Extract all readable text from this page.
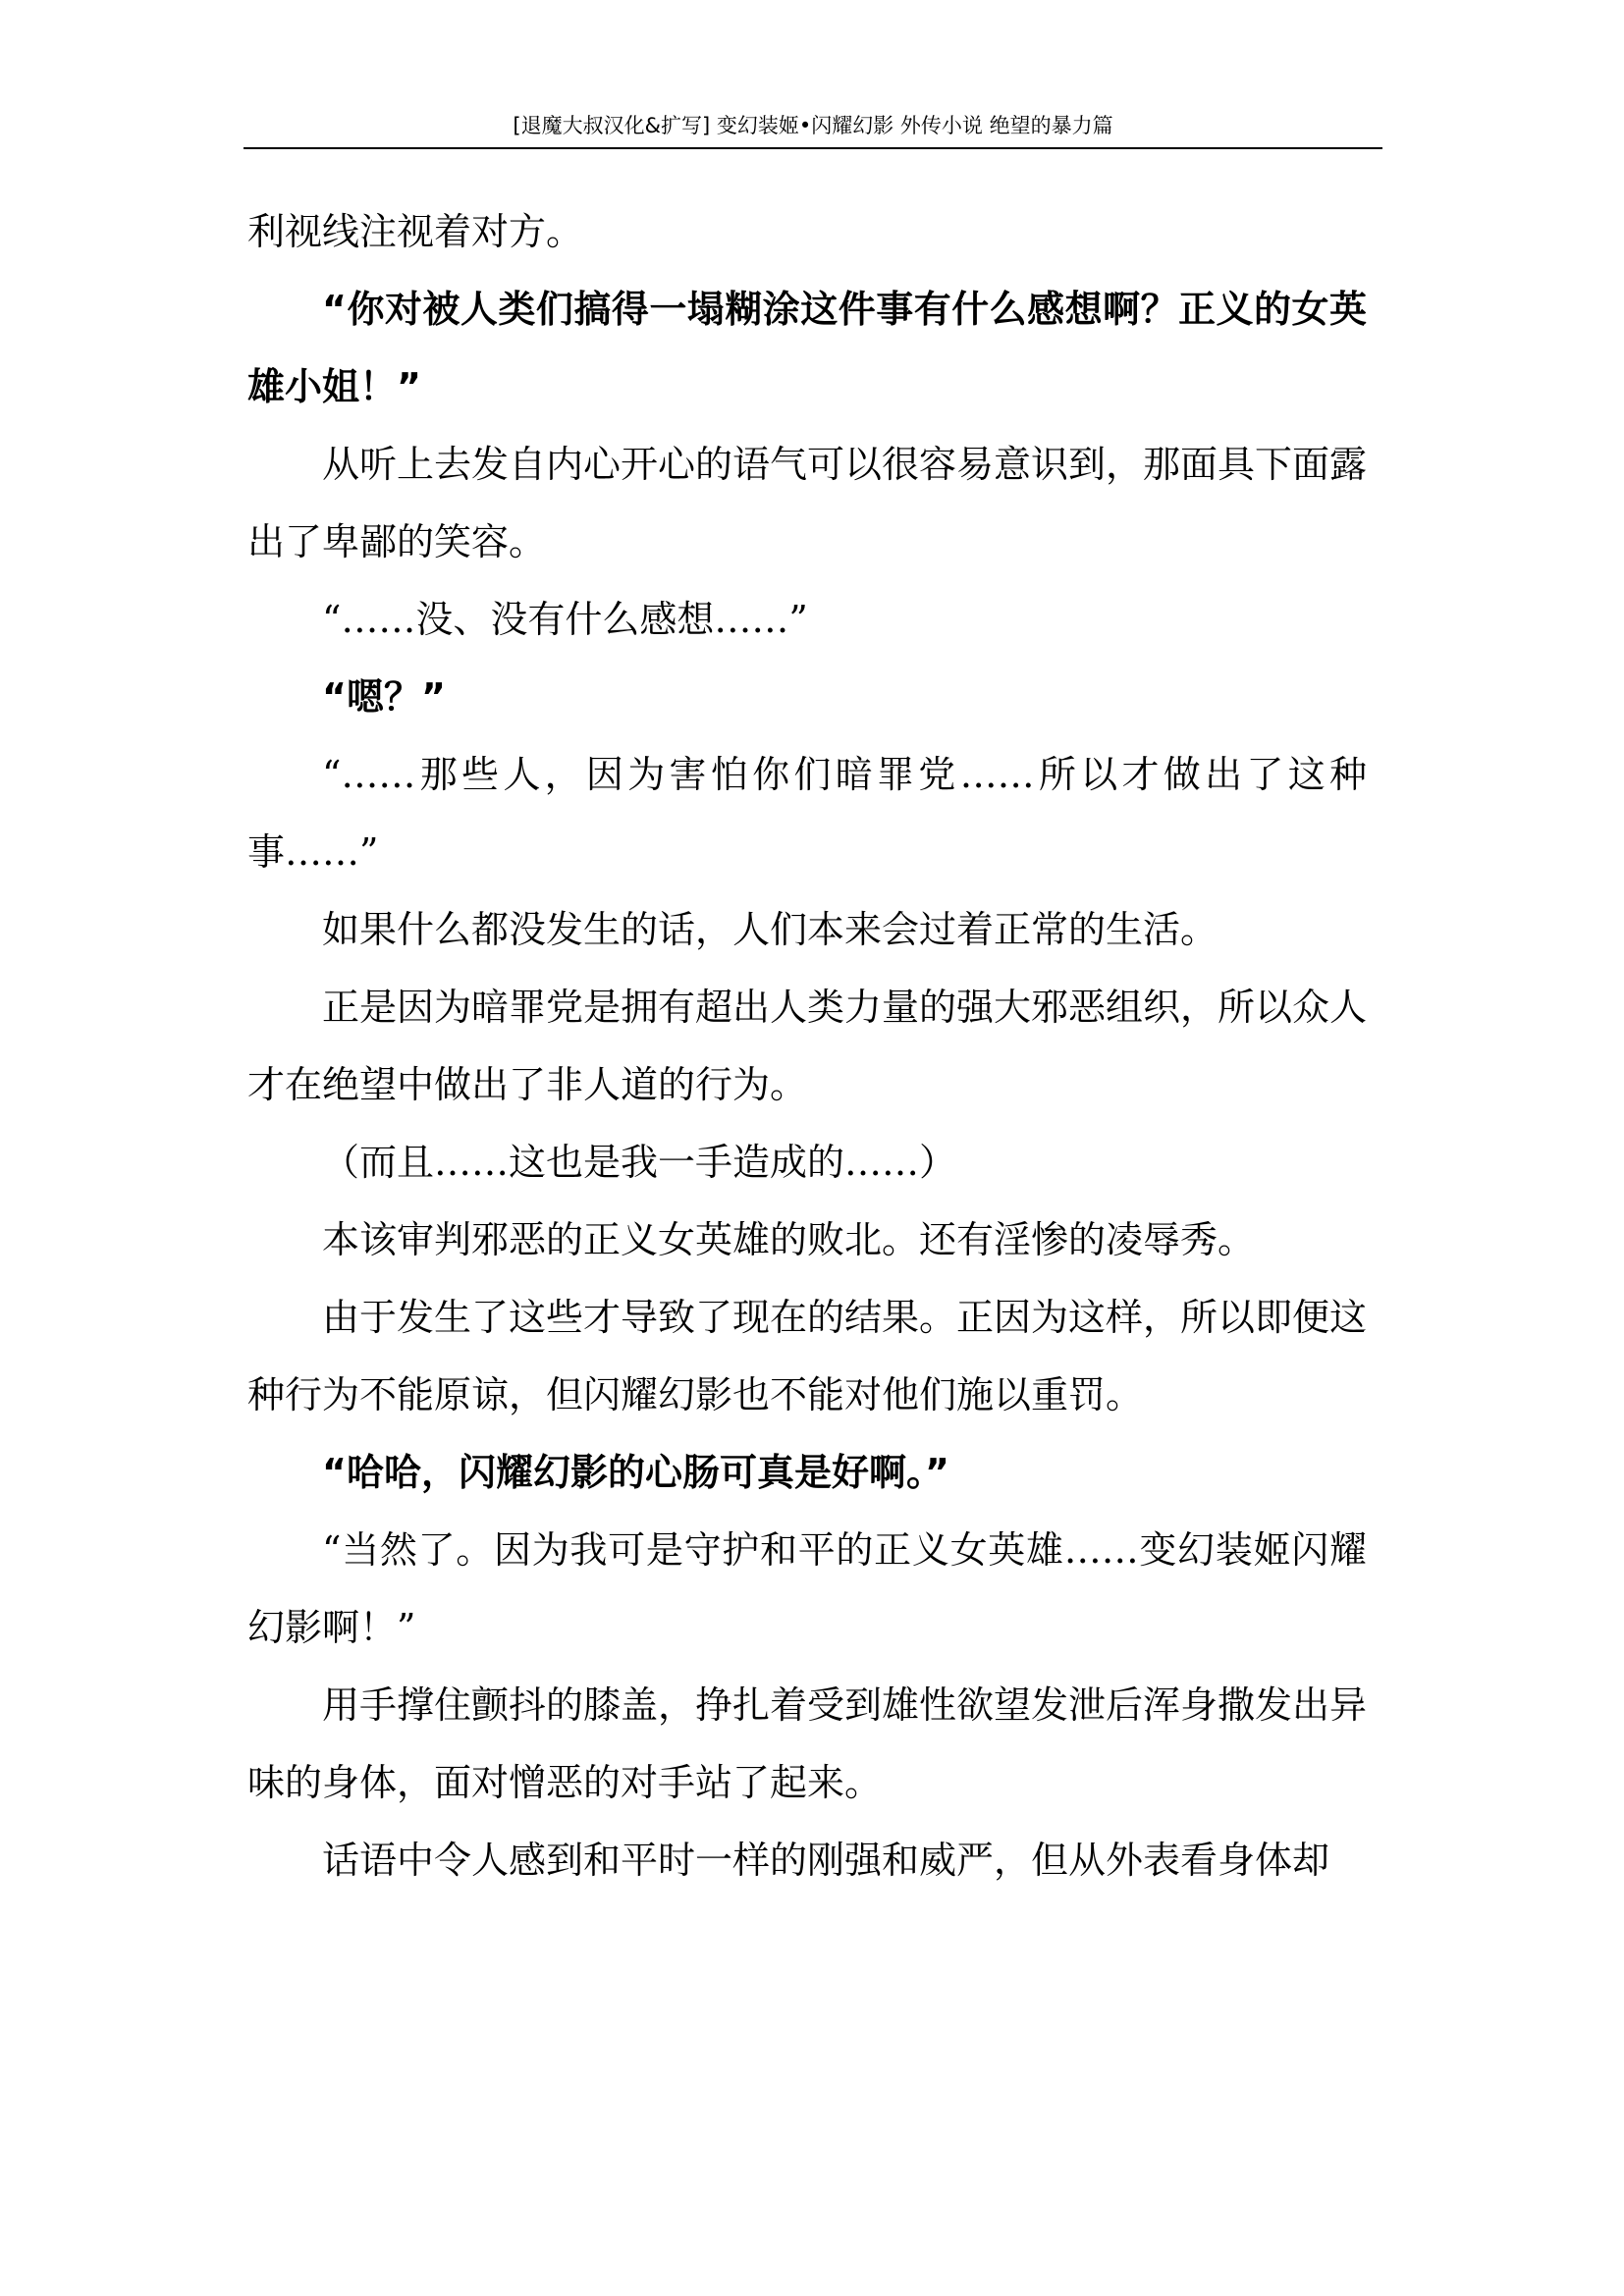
[退魔大叔汉化&扩写] 变幻装姬•闪耀幻影 外传小说 绝望的暴力篇

利视线注视着对方。

“你对被人类们搞得一塌糊涂这件事有什么感想啊？正义的女英雄小姐！”

从听上去发自内心开心的语气可以很容易意识到，那面具下面露出了卑鄙的笑容。

“……没、没有什么感想……”

“嗯？”

“……那些人，因为害怕你们暗罪党……所以才做出了这种事……”

如果什么都没发生的话，人们本来会过着正常的生活。

正是因为暗罪党是拥有超出人类力量的强大邪恶组织，所以众人才在绝望中做出了非人道的行为。

（而且……这也是我一手造成的……）

本该审判邪恶的正义女英雄的败北。还有淫惨的凌辱秀。

由于发生了这些才导致了现在的结果。正因为这样，所以即便这种行为不能原谅，但闪耀幻影也不能对他们施以重罚。

“哈哈，闪耀幻影的心肠可真是好啊。”

“当然了。因为我可是守护和平的正义女英雄……变幻装姬闪耀幻影啊！”

用手撑住颤抖的膝盖，挣扎着受到雄性欲望发泄后浑身撒发出异味的身体，面对憎恶的对手站了起来。

话语中令人感到和平时一样的刚强和威严，但从外表看身体却
